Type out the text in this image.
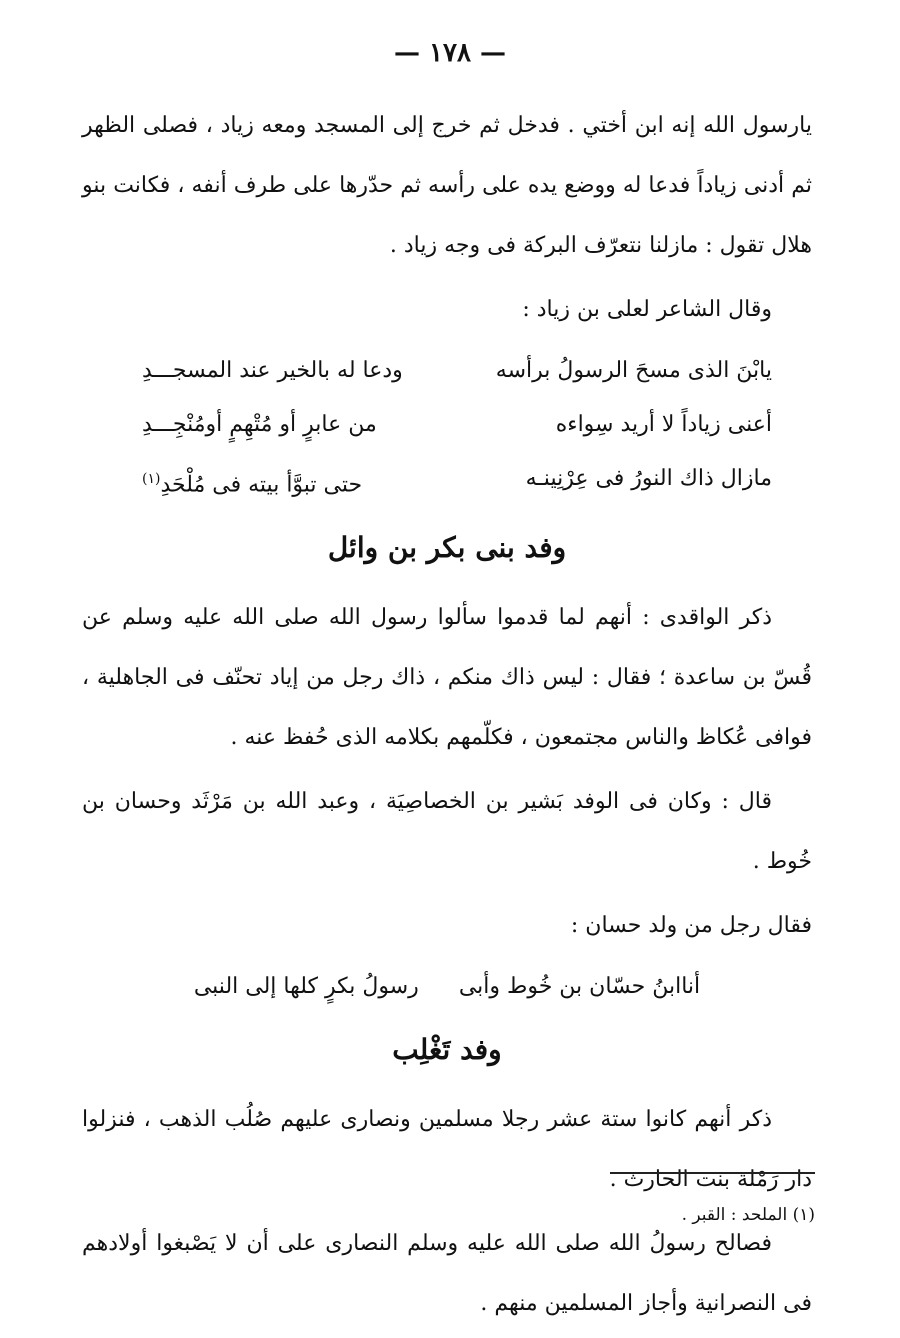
— ١٧٨ —

يارسول الله إنه ابن أختي . فدخل ثم خرج إلى المسجد ومعه زياد ، فصلى الظهر ثم أدنى زياداً فدعا له ووضع يده على رأسه ثم حدّرها على طرف أنفه ، فكانت بنو هلال تقول : مازلنا نتعرّف البركة فى وجه زياد .

وقال الشاعر لعلى بن زياد :

يابْنَ الذى مسحَ الرسولُ برأسه
ودعا له بالخير عند المسجـــدِ
أعنى زياداً لا أريد سِواءه
من عابرٍ أو مُتْهِمٍ أومُنْجِـــدِ
مازال ذاك النورُ فى عِرْنِينـه
حتى تبوَّأ بيته فى مُلْحَدِ$^{(١)}$
وفد بنى بكر بن وائل

ذكر الواقدى : أنهم لما قدموا سألوا رسول الله صلى الله عليه وسلم عن قُسّ بن ساعدة ؛ فقال : ليس ذاك منكم ، ذاك رجل من إياد تحنّف فى الجاهلية ، فوافى عُكاظ والناس مجتمعون ، فكلّمهم بكلامه الذى حُفظ عنه .

قال : وكان فى الوفد بَشير بن الخصاصِيَة ، وعبد الله بن مَرْثَد وحسان بن خُوط .

فقال رجل من ولد حسان :

أناابنُ حسّان بن خُوط وأبى
رسولُ بكرٍ كلها إلى النبى
وفد تَغْلِب

ذكر أنهم كانوا ستة عشر رجلا مسلمين ونصارى عليهم صُلُب الذهب ، فنزلوا دار رَمْلة بنت الحارث .

فصالح رسولُ الله صلى الله عليه وسلم النصارى على أن لا يَصْبغوا أولادهم فى النصرانية وأجاز المسلمين منهم .

(١) الملحد : القبر .
